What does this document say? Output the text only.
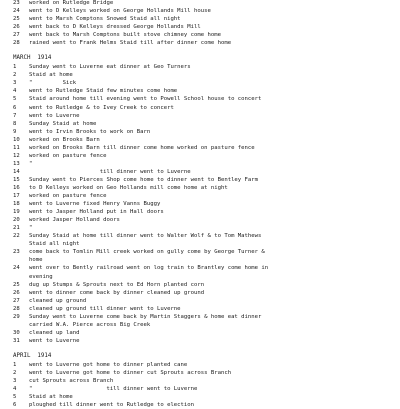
23 worked on Rutledge Bridge
24 went to D Kelleys worked on George Hollands Mill house
25 went to Marsh Comptons Snowed Staid all night
26 went back to D Kelleys dressed George Hollands Mill
27 went back to Marsh Comptons built stove chimney come home
28 rained went to Frank Helms Staid till after dinner come home
MARCH  1914
1 Sunday went to Luverne eat dinner at Geo Turners
2 Staid at home
3 "         Sick
4 went to Rutledge Staid few minutes come home
5 Staid around home till evening went to Powell School house to concert
6 went to Rutledge & to Ivey Creek to concert
7 went to Luverne
8 Sunday Staid at home
9 went to Irvin Brooks to work on Barn
10 worked on Brooks Barn
11 worked on Brooks Barn till dinner come home worked on pasture fence
12 worked on pasture fence
13 "
14 till dinner went to Luverne
15 Sunday went to Pierces Shop come home to dinner went to Bentley Farm
16 to D Kelleys worked on Geo Hollands mill come home at night
17 worked on pasture fence
18 went to Luverne fixed Henry Vanns Buggy
19 went to Jasper Holland put in Hall doors
20 worked Jasper Holland doors
21 "
22 Sunday Staid at home till dinner went to Walter Wolf & to Tom Mathews
Staid all night
23 come back to Tomlin Mill creek worked on gully come by George Turner &
home
24 went over to Bently railroad went on log train to Brantley come home in
evening
25 dug up Stumps & Sprouts next to Ed Horn planted corn
26 went to dinner come back by dinner cleaned up ground
27 cleaned up ground
28 cleaned up ground till dinner went to Luverne
29 Sunday went to Luverne come back by Martin Staggers & home eat dinner
carried W.A. Pierce across Big Creek
30 cleaned up land
31 went to Luverne
APRIL  1914
1 went to Luverne got home to dinner planted cane
2 went to Luverne got home to dinner cut Sprouts across Branch
3 cut Sprouts across Branch
4 "                      till dinner went to Luverne
5 Staid at home
6 ploughed till dinner went to Rutledge to election
